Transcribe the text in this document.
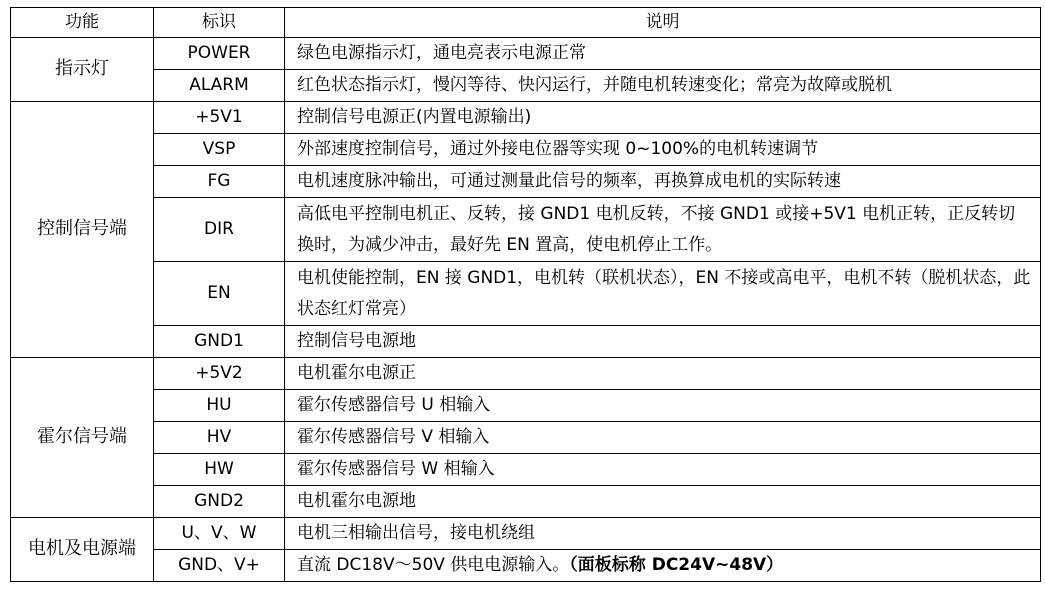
功能	标识	说明
指示灯	POWER	绿色电源指示灯，通电亮表示电源正常
	ALARM	红色状态指示灯，慢闪等待、快闪运行，并随电机转速变化；常亮为故障或脱机
控制信号端	+5V1	控制信号电源正(内置电源输出)
	VSP	外部速度控制信号，通过外接电位器等实现 0~100%的电机转速调节
	FG	电机速度脉冲输出，可通过测量此信号的频率，再换算成电机的实际转速
	DIR	高低电平控制电机正、反转，接 GND1 电机反转，不接 GND1 或接+5V1 电机正转，正反转切换时，为减少冲击，最好先 EN 置高，使电机停止工作。
	EN	电机使能控制，EN 接 GND1，电机转（联机状态），EN 不接或高电平，电机不转（脱机状态，此状态红灯常亮）
	GND1	控制信号电源地
霍尔信号端	+5V2	电机霍尔电源正
	HU	霍尔传感器信号 U 相输入
	HV	霍尔传感器信号 V 相输入
	HW	霍尔传感器信号 W 相输入
	GND2	电机霍尔电源地
电机及电源端	U、V、W	电机三相输出信号，接电机绕组
	GND、V+	直流 DC18V～50V 供电电源输入。（面板标称 DC24V~48V）
